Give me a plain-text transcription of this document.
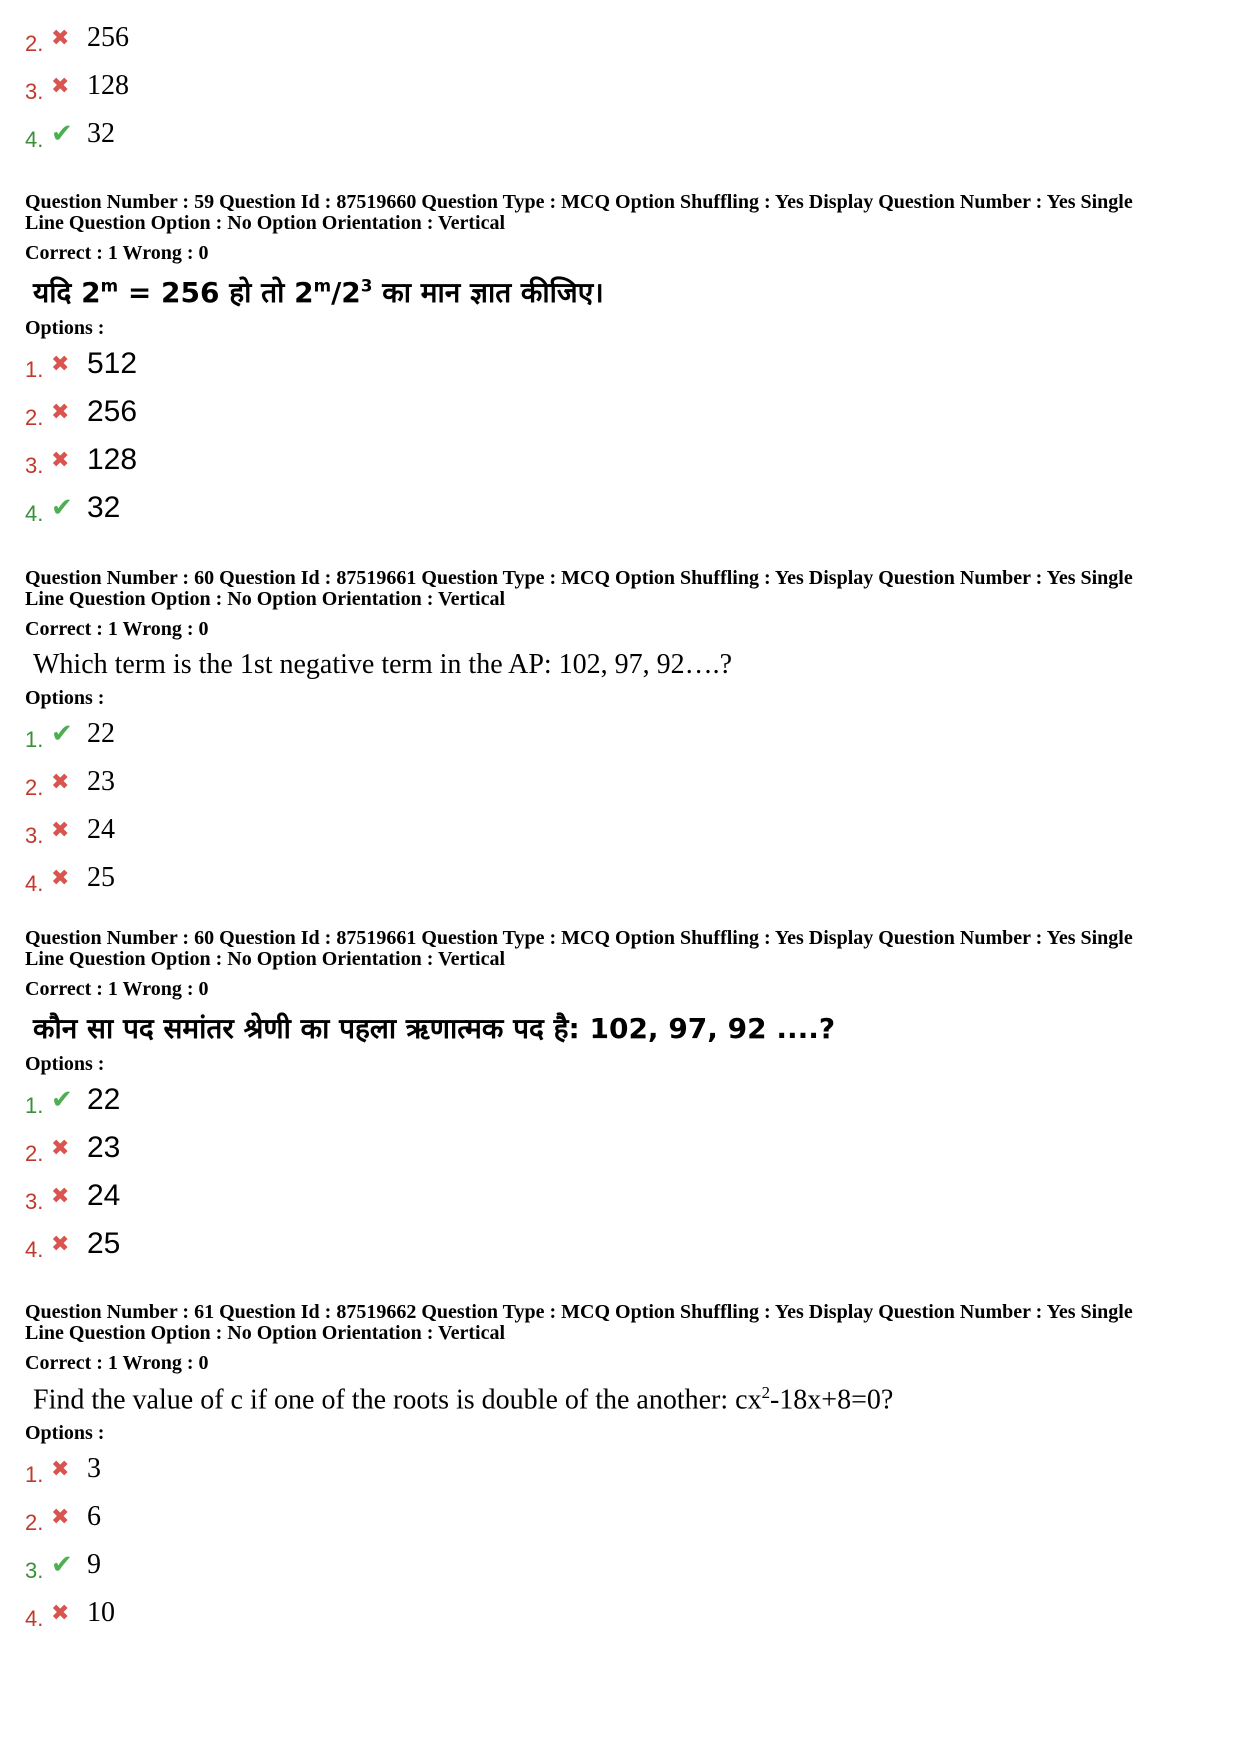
2. ✖ 256
3. ✖ 128
4. ✔ 32
Question Number : 59 Question Id : 87519660 Question Type : MCQ Option Shuffling : Yes Display Question Number : Yes Single
Line Question Option : No Option Orientation : Vertical
Correct : 1 Wrong : 0
यदि $2^m = 256$ हो तो $2^m/2^3$ का मान ज्ञात कीजिए।
Options :
1. ✖ 512
2. ✖ 256
3. ✖ 128
4. ✔ 32
Question Number : 60 Question Id : 87519661 Question Type : MCQ Option Shuffling : Yes Display Question Number : Yes Single
Line Question Option : No Option Orientation : Vertical
Correct : 1 Wrong : 0
Which term is the 1st negative term in the AP: 102, 97, 92….?
Options :
1. ✔ 22
2. ✖ 23
3. ✖ 24
4. ✖ 25
Question Number : 60 Question Id : 87519661 Question Type : MCQ Option Shuffling : Yes Display Question Number : Yes Single
Line Question Option : No Option Orientation : Vertical
Correct : 1 Wrong : 0
कौन सा पद समांतर श्रेणी का पहला ऋणात्मक पद है: 102, 97, 92 ....?
Options :
1. ✔ 22
2. ✖ 23
3. ✖ 24
4. ✖ 25
Question Number : 61 Question Id : 87519662 Question Type : MCQ Option Shuffling : Yes Display Question Number : Yes Single
Line Question Option : No Option Orientation : Vertical
Correct : 1 Wrong : 0
Find the value of c if one of the roots is double of the another: $cx^2-18x+8=0$?
Options :
1. ✖ 3
2. ✖ 6
3. ✔ 9
4. ✖ 10
